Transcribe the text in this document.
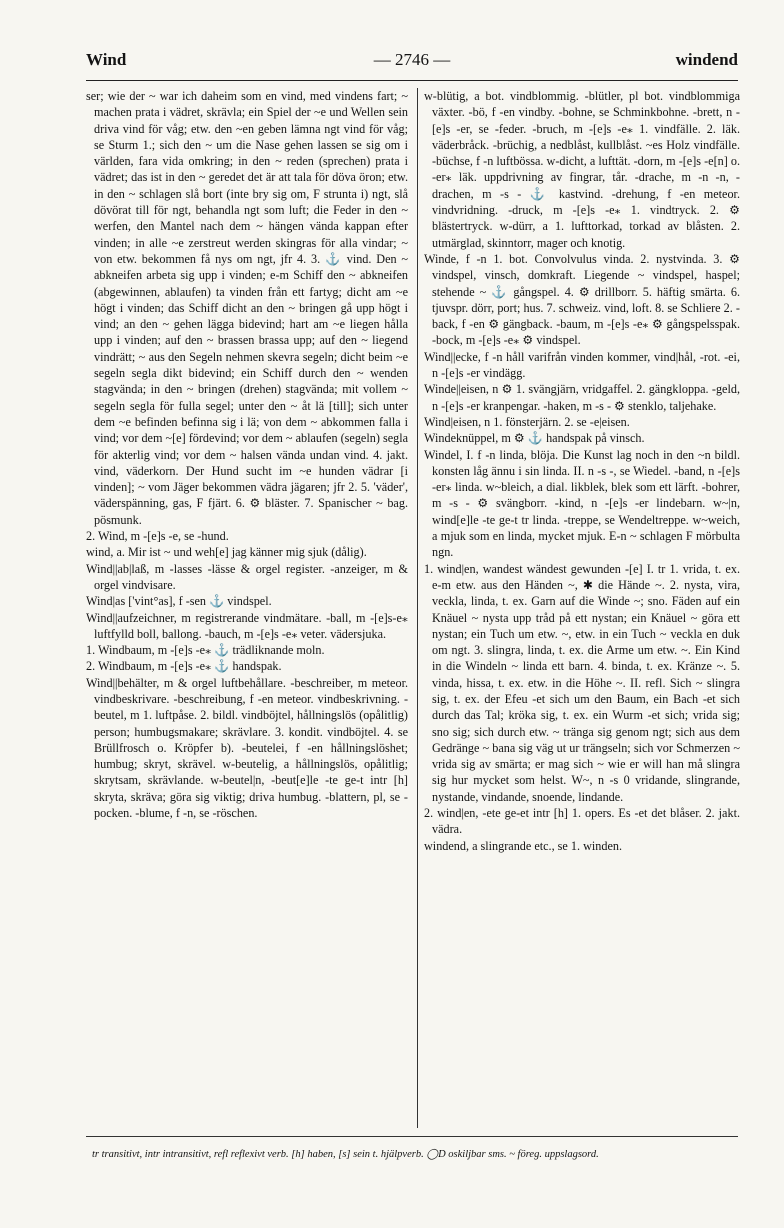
Wind	— 2746 —	windend

ser; wie der ~ war ich daheim som en vind, med vindens fart; ~ machen prata i vädret, skrävla; ein Spiel der ~e und Wellen sein driva vind för våg; etw. den ~en geben lämna ngt vind för våg; se Sturm 1.; sich den ~ um die Nase gehen lassen se sig om i världen, fara vida omkring; in den ~ reden (sprechen) prata i vädret; das ist in den ~ geredet det är att tala för döva öron; etw. in den ~ schlagen slå bort (inte bry sig om, F strunta i) ngt, slå dövörat till för ngt, behandla ngt som luft; die Feder in den ~ werfen, den Mantel nach dem ~ hängen vända kappan efter vinden; in alle ~e zerstreut werden skingras för alla vindar; ~ von etw. bekommen få nys om ngt, jfr 4. 3. ⚓ vind. Den ~ abkneifen arbeta sig upp i vinden; e-m Schiff den ~ abkneifen (abgewinnen, ablaufen) ta vinden från ett fartyg; dicht am ~e högt i vinden; das Schiff dicht an den ~ bringen gå upp högt i vind; an den ~ gehen lägga bidevind; hart am ~e liegen hålla upp i vinden; auf den ~ brassen brassa upp; auf den ~ liegend vindrätt; ~ aus den Segeln nehmen skevra segeln; dicht beim ~e segeln segla dikt bidevind; ein Schiff durch den ~ wenden stagvända; in den ~ bringen (drehen) stagvända; mit vollem ~ segeln segla för fulla segel; unter den ~ åt lä [till]; sich unter dem ~e befinden befinna sig i lä; von dem ~ abkommen falla i vind; vor dem ~[e] fördevind; vor dem ~ ablaufen (segeln) segla för akterlig vind; vor dem ~ halsen vända undan vind. 4. jakt. vind, väderkorn. Der Hund sucht im ~e hunden vädrar [i vinden]; ~ vom Jäger bekommen vädra jägaren; jfr 2. 5. 'väder', väderspänning, gas, F fjärt. 6. ⚙ bläster. 7. Spanischer ~ bag. pösmunk.

2. Wind, m -[e]s -e, se -hund.

wind, a. Mir ist ~ und weh[e] jag känner mig sjuk (dålig).

Wind||ab|laß, m -lasses -lässe & orgel register. -anzeiger, m & orgel vindvisare.

Wind|as ['vint°as], f -sen ⚓ vindspel.

Wind||aufzeichner, m registrerande vindmätare. -ball, m -[e]s-e⁎ luftfylld boll, ballong. -bauch, m -[e]s -e⁎ veter. vädersjuka.

1. Windbaum, m -[e]s -e⁎ ⚓ trädliknande moln.

2. Windbaum, m -[e]s -e⁎ ⚓ handspak.

Wind||behälter, m & orgel luftbehållare. -beschreiber, m meteor. vindbeskrivare. -beschreibung, f -en meteor. vindbeskrivning. -beutel, m 1. luftpåse. 2. bildl. vindböjtel, hållningslös (opålitlig) person; humbugsmakare; skrävlare. 3. kondit. vindböjtel. 4. se Brüllfrosch o. Kröpfer b). -beutelei, f -en hållningslöshet; humbug; skryt, skrävel. w-beutelig, a hållningslös, opålitlig; skrytsam, skrävlande. w-beutel|n, -beut[e]le -te ge-t intr [h] skryta, skräva; göra sig viktig; driva humbug. -blattern, pl, se -pocken. -blume, f -n, se -röschen.

w-blütig, a bot. vindblommig. -blütler, pl bot. vindblommiga växter. -bö, f -en vindby. -bohne, se Schminkbohne. -brett, n -[e]s -er, se -feder. -bruch, m -[e]s -e⁎ 1. vindfälle. 2. läk. väderbråck. -brüchig, a nedblåst, kullblåst. ~es Holz vindfälle. -büchse, f -n luftbössa. w-dicht, a lufttät. -dorn, m -[e]s -e[n] o. -er⁎ läk. uppdrivning av fingrar, tår. -drache, m -n -n, -drachen, m -s - ⚓ kastvind. -drehung, f -en meteor. vindvridning. -druck, m -[e]s -e⁎ 1. vindtryck. 2. ⚙ blästertryck. w-dürr, a 1. lufttorkad, torkad av blåsten. 2. utmärglad, skinntorr, mager och knotig.

Winde, f -n 1. bot. Convolvulus vinda. 2. nystvinda. 3. ⚙ vindspel, vinsch, domkraft. Liegende ~ vindspel, haspel; stehende ~ ⚓ gångspel. 4. ⚙ drillborr. 5. häftig smärta. 6. tjuvspr. dörr, port; hus. 7. schweiz. vind, loft. 8. se Schliere 2. -back, f -en ⚙ gängback. -baum, m -[e]s -e⁎ ⚙ gångspelsspak. -bock, m -[e]s -e⁎ ⚙ vindspel.

Wind||ecke, f -n håll varifrån vinden kommer, vind|hål, -rot. -ei, n -[e]s -er vindägg.

Winde||eisen, n ⚙ 1. svängjärn, vridgaffel. 2. gängkloppa. -geld, n -[e]s -er kranpengar. -haken, m -s - ⚙ stenklo, taljehake.

Wind|eisen, n 1. fönsterjärn. 2. se -e|eisen.

Windeknüppel, m ⚙ ⚓ handspak på vinsch.

Windel, I. f -n linda, blöja. Die Kunst lag noch in den ~n bildl. konsten låg ännu i sin linda. II. n -s -, se Wiedel. -band, n -[e]s -er⁎ linda. w~bleich, a dial. likblek, blek som ett lärft. -bohrer, m -s - ⚙ svängborr. -kind, n -[e]s -er lindebarn. w~|n, wind[e]le -te ge-t tr linda. -treppe, se Wendeltreppe. w~weich, a mjuk som en linda, mycket mjuk. E-n ~ schlagen F mörbulta ngn.

1. wind|en, wandest wändest gewunden -[e] I. tr 1. vrida, t. ex. e-m etw. aus den Händen ~, ✱ die Hände ~. 2. nysta, vira, veckla, linda, t. ex. Garn auf die Winde ~; sno. Fäden auf ein Knäuel ~ nysta upp tråd på ett nystan; ein Knäuel ~ göra ett nystan; ein Tuch um etw. ~, etw. in ein Tuch ~ veckla en duk om ngt. 3. slingra, linda, t. ex. die Arme um etw. ~. Ein Kind in die Windeln ~ linda ett barn. 4. binda, t. ex. Kränze ~. 5. vinda, hissa, t. ex. etw. in die Höhe ~. II. refl. Sich ~ slingra sig, t. ex. der Efeu -et sich um den Baum, ein Bach -et sich durch das Tal; kröka sig, t. ex. ein Wurm -et sich; vrida sig; sno sig; sich durch etw. ~ tränga sig genom ngt; sich aus dem Gedränge ~ bana sig väg ut ur trängseln; sich vor Schmerzen ~ vrida sig av smärta; er mag sich ~ wie er will han må slingra sig hur mycket som helst. W~, n -s 0 vridande, slingrande, nystande, vindande, snoende, lindande.

2. wind|en, -ete ge-et intr [h] 1. opers. Es -et det blåser. 2. jakt. vädra.

windend, a slingrande etc., se 1. winden.

tr transitivt, intr intransitivt, refl reflexivt verb. [h] haben, [s] sein t. hjälpverb. ◯D oskiljbar sms. ~ föreg. uppslagsord.
